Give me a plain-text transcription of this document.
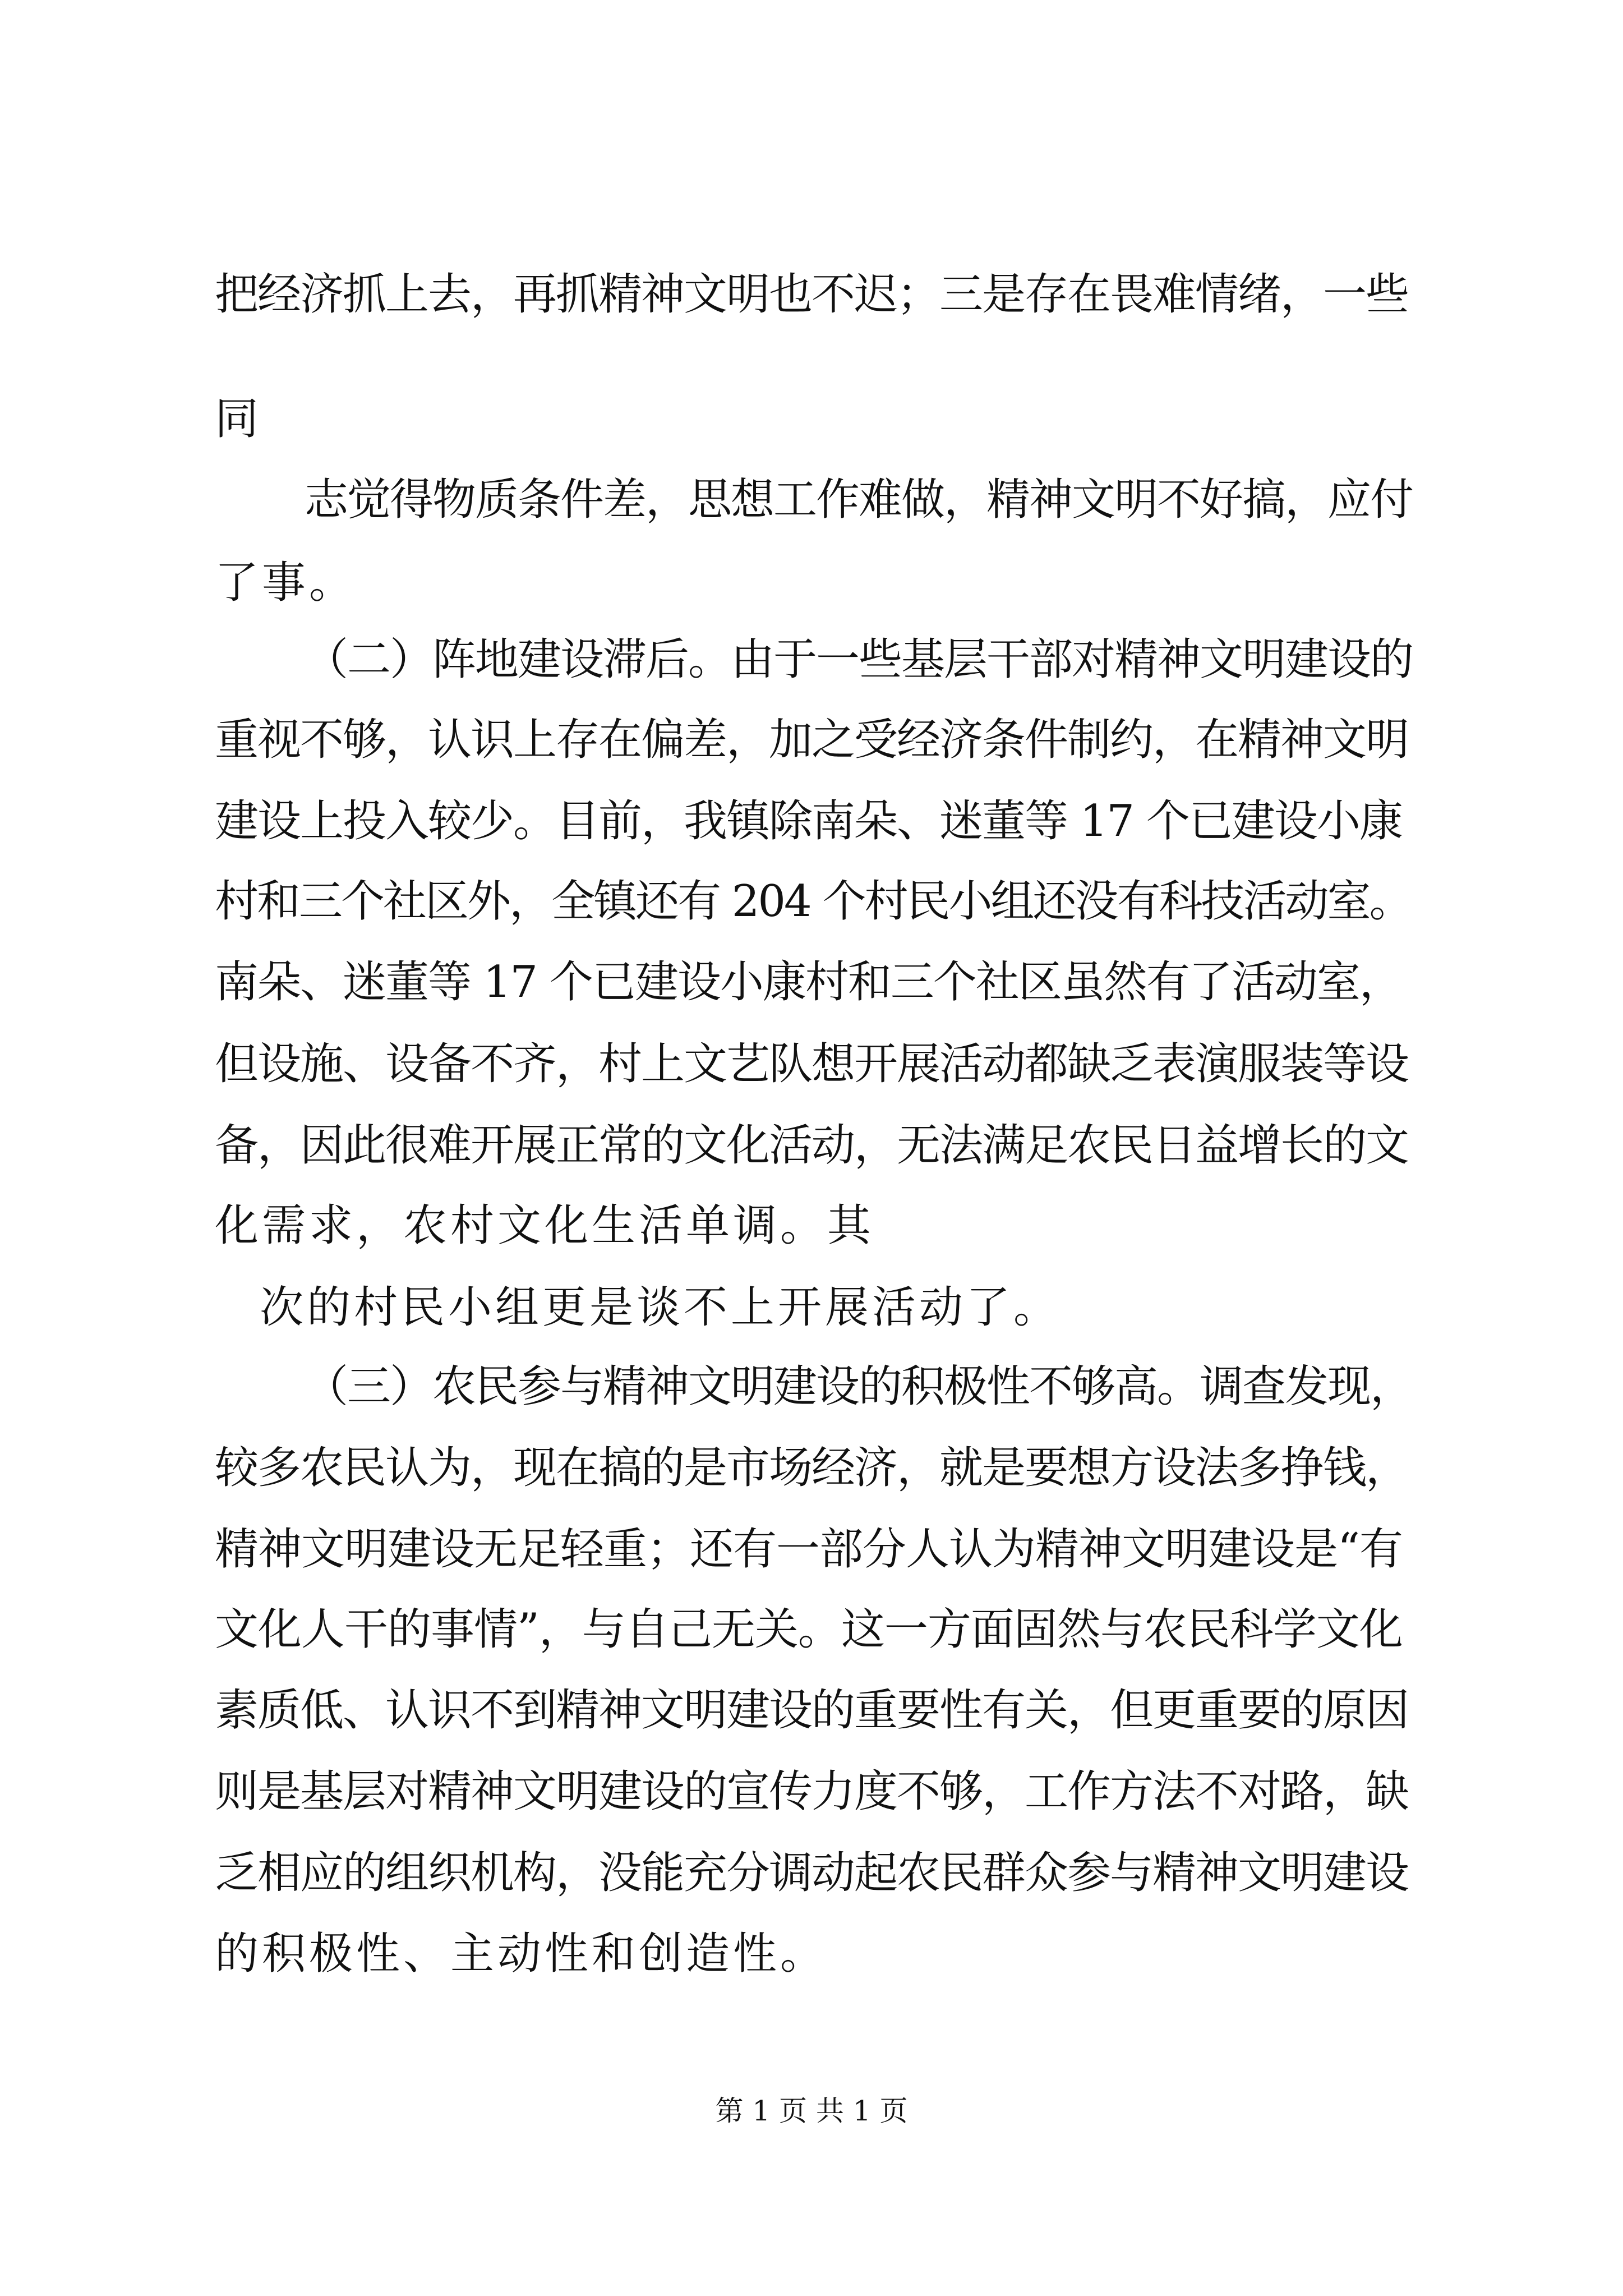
把经济抓上去，再抓精神文明也不迟；三是存在畏难情绪，一些
同
志觉得物质条件差，思想工作难做，精神文明不好搞，应付
了事。
（二）阵地建设滞后。由于一些基层干部对精神文明建设的
重视不够，认识上存在偏差，加之受经济条件制约，在精神文明
建设上投入较少。目前，我镇除南朵、迷董等 17 个已建设小康
村和三个社区外，全镇还有 204 个村民小组还没有科技活动室。
南朵、迷董等 17 个已建设小康村和三个社区虽然有了活动室，
但设施、设备不齐，村上文艺队想开展活动都缺乏表演服装等设
备，因此很难开展正常的文化活动，无法满足农民日益增长的文
化需求，农村文化生活单调。其
次的村民小组更是谈不上开展活动了。
（三）农民参与精神文明建设的积极性不够高。调查发现，
较多农民认为，现在搞的是市场经济，就是要想方设法多挣钱，
精神文明建设无足轻重；还有一部分人认为精神文明建设是“有
文化人干的事情”，与自己无关。这一方面固然与农民科学文化
素质低、认识不到精神文明建设的重要性有关，但更重要的原因
则是基层对精神文明建设的宣传力度不够，工作方法不对路，缺
乏相应的组织机构，没能充分调动起农民群众参与精神文明建设
的积极性、主动性和创造性。
第 1 页 共 1 页
